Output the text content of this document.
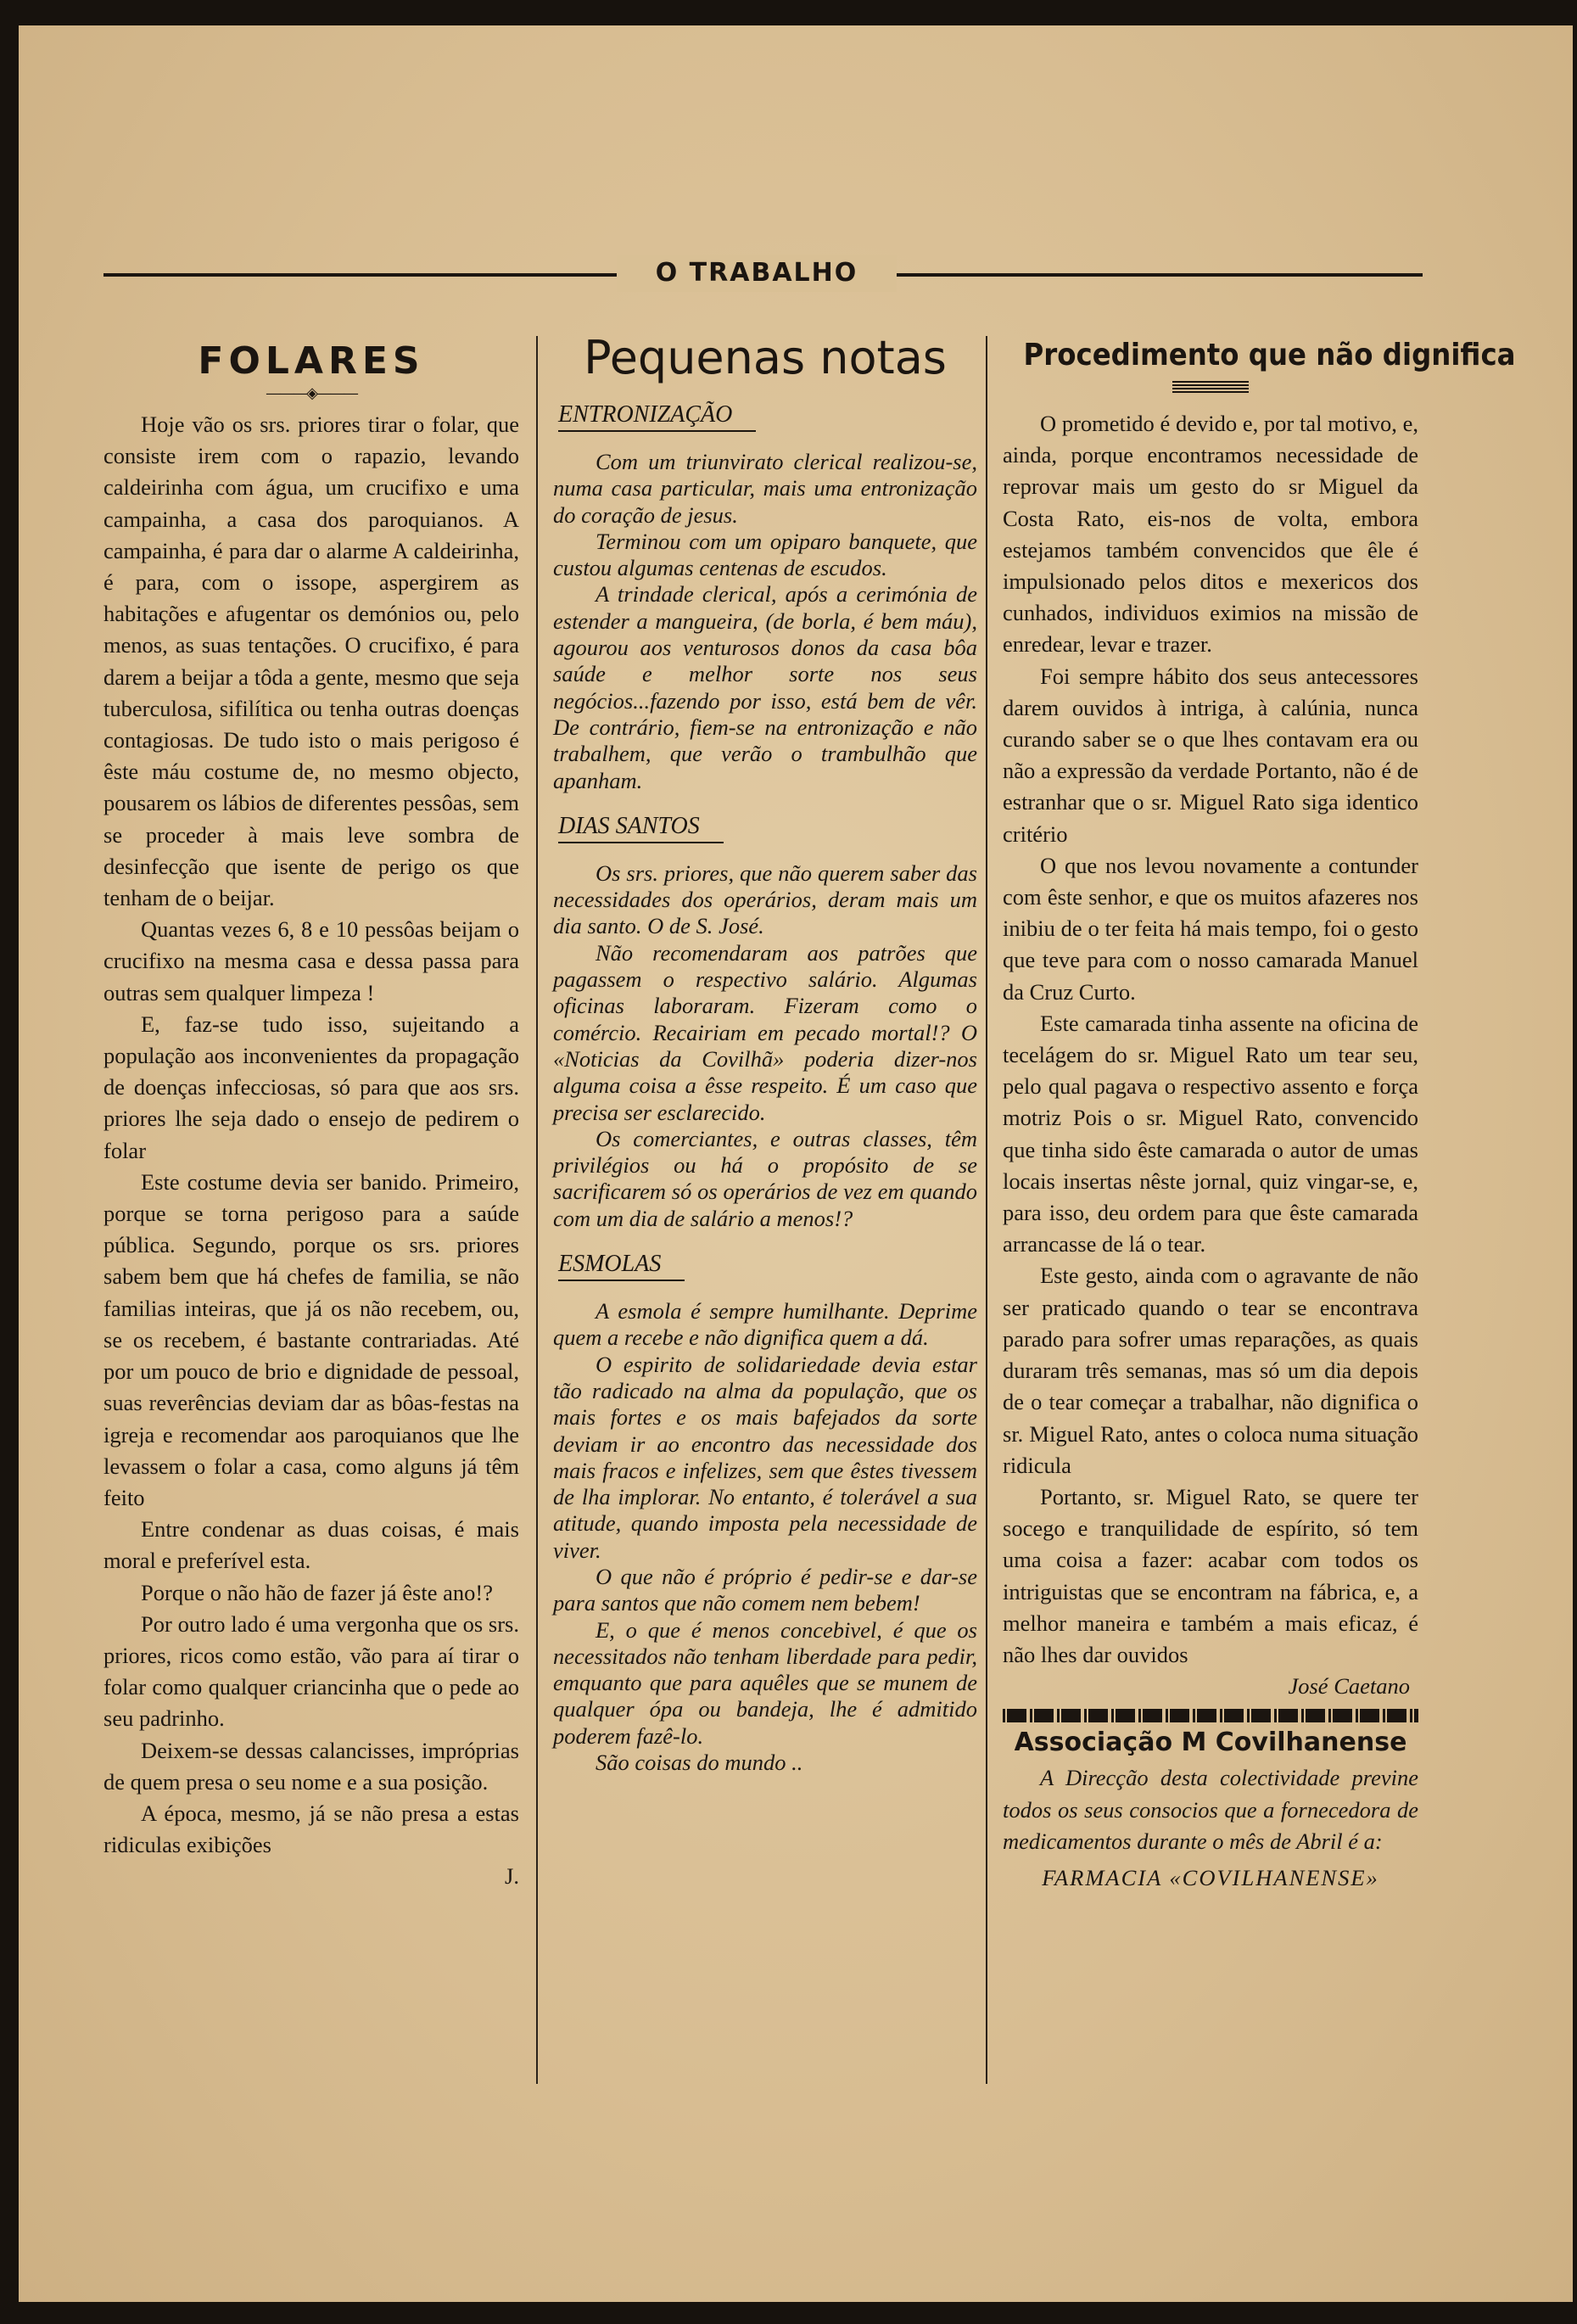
O TRABALHO
FOLARES
———◈———

Hoje vão os srs. priores tirar o folar, que consiste irem com o rapazio, levando caldeirinha com água, um crucifixo e uma campainha, a casa dos paroquianos. A campainha, é para dar o alarme A caldeirinha, é para, com o issope, aspergirem as habitações e afugentar os demónios ou, pelo menos, as suas tentações. O crucifixo, é para darem a beijar a tôda a gente, mesmo que seja tuberculosa, sifilítica ou tenha outras doenças contagiosas. De tudo isto o mais perigoso é êste máu costume de, no mesmo objecto, pousarem os lábios de diferentes pessôas, sem se proceder à mais leve sombra de desinfecção que isente de perigo os que tenham de o beijar.

Quantas vezes 6, 8 e 10 pessôas beijam o crucifixo na mesma casa e dessa passa para outras sem qualquer limpeza !

E, faz-se tudo isso, sujeitando a população aos inconvenientes da propagação de doenças infecciosas, só para que aos srs. priores lhe seja dado o ensejo de pedirem o folar

Este costume devia ser banido. Primeiro, porque se torna perigoso para a saúde pública. Segundo, porque os srs. priores sabem bem que há chefes de familia, se não familias inteiras, que já os não recebem, ou, se os recebem, é bastante contrariadas. Até por um pouco de brio e dignidade de pessoal, suas reverências deviam dar as bôas-festas na igreja e recomendar aos paroquianos que lhe levassem o folar a casa, como alguns já têm feito

Entre condenar as duas coisas, é mais moral e preferível esta.

Porque o não hão de fazer já êste ano!?

Por outro lado é uma vergonha que os srs. priores, ricos como estão, vão para aí tirar o folar como qualquer criancinha que o pede ao seu padrinho.

Deixem-se dessas calancisses, impróprias de quem presa o seu nome e a sua posição.

A época, mesmo, já se não presa a estas ridiculas exibições

J.

Pequenas notas
ENTRONIZAÇÃO

Com um triunvirato clerical realizou-se, numa casa particular, mais uma entronização do coração de jesus.

Terminou com um opiparo banquete, que custou algumas centenas de escudos.

A trindade clerical, após a cerimónia de estender a mangueira, (de borla, é bem máu), agourou aos venturosos donos da casa bôa saúde e melhor sorte nos seus negócios...fazendo por isso, está bem de vêr. De contrário, fiem-se na entronização e não trabalhem, que verão o trambulhão que apanham.

DIAS SANTOS

Os srs. priores, que não querem saber das necessidades dos operários, deram mais um dia santo. O de S. José.

Não recomendaram aos patrões que pagassem o respectivo salário. Algumas oficinas laboraram. Fizeram como o comércio. Recairiam em pecado mortal!? O «Noticias da Covilhã» poderia dizer-nos alguma coisa a êsse respeito. É um caso que precisa ser esclarecido.

Os comerciantes, e outras classes, têm privilégios ou há o propósito de se sacrificarem só os operários de vez em quando com um dia de salário a menos!?

ESMOLAS

A esmola é sempre humilhante. Deprime quem a recebe e não dignifica quem a dá.

O espirito de solidariedade devia estar tão radicado na alma da população, que os mais fortes e os mais bafejados da sorte deviam ir ao encontro das necessidade dos mais fracos e infelizes, sem que êstes tivessem de lha implorar. No entanto, é tolerável a sua atitude, quando imposta pela necessidade de viver.

O que não é próprio é pedir-se e dar-se para santos que não comem nem bebem!

E, o que é menos concebivel, é que os necessitados não tenham liberdade para pedir, emquanto que para aquêles que se munem de qualquer ópa ou bandeja, lhe é admitido poderem fazê-lo.

São coisas do mundo ..

Procedimento que não dignifica

O prometido é devido e, por tal motivo, e, ainda, porque encontramos necessidade de reprovar mais um gesto do sr Miguel da Costa Rato, eis-nos de volta, embora estejamos também convencidos que êle é impulsionado pelos ditos e mexericos dos cunhados, individuos eximios na missão de enredear, levar e trazer.

Foi sempre hábito dos seus antecessores darem ouvidos à intriga, à calúnia, nunca curando saber se o que lhes contavam era ou não a expressão da verdade Portanto, não é de estranhar que o sr. Miguel Rato siga identico critério

O que nos levou novamente a contunder com êste senhor, e que os muitos afazeres nos inibiu de o ter feita há mais tempo, foi o gesto que teve para com o nosso camarada Manuel da Cruz Curto.

Este camarada tinha assente na oficina de tecelágem do sr. Miguel Rato um tear seu, pelo qual pagava o respectivo assento e força motriz Pois o sr. Miguel Rato, convencido que tinha sido êste camarada o autor de umas locais insertas nêste jornal, quiz vingar-se, e, para isso, deu ordem para que êste camarada arrancasse de lá o tear.

Este gesto, ainda com o agravante de não ser praticado quando o tear se encontrava parado para sofrer umas reparações, as quais duraram três semanas, mas só um dia depois de o tear começar a trabalhar, não dignifica o sr. Miguel Rato, antes o coloca numa situação ridicula

Portanto, sr. Miguel Rato, se quere ter socego e tranquilidade de espírito, só tem uma coisa a fazer: acabar com todos os intriguistas que se encontram na fábrica, e, a melhor maneira e também a mais eficaz, é não lhes dar ouvidos

José Caetano

Associação M Covilhanense

A Direcção desta colectividade previne todos os seus consocios que a fornecedora de medicamentos durante o mês de Abril é a:

FARMACIA «COVILHANENSE»
